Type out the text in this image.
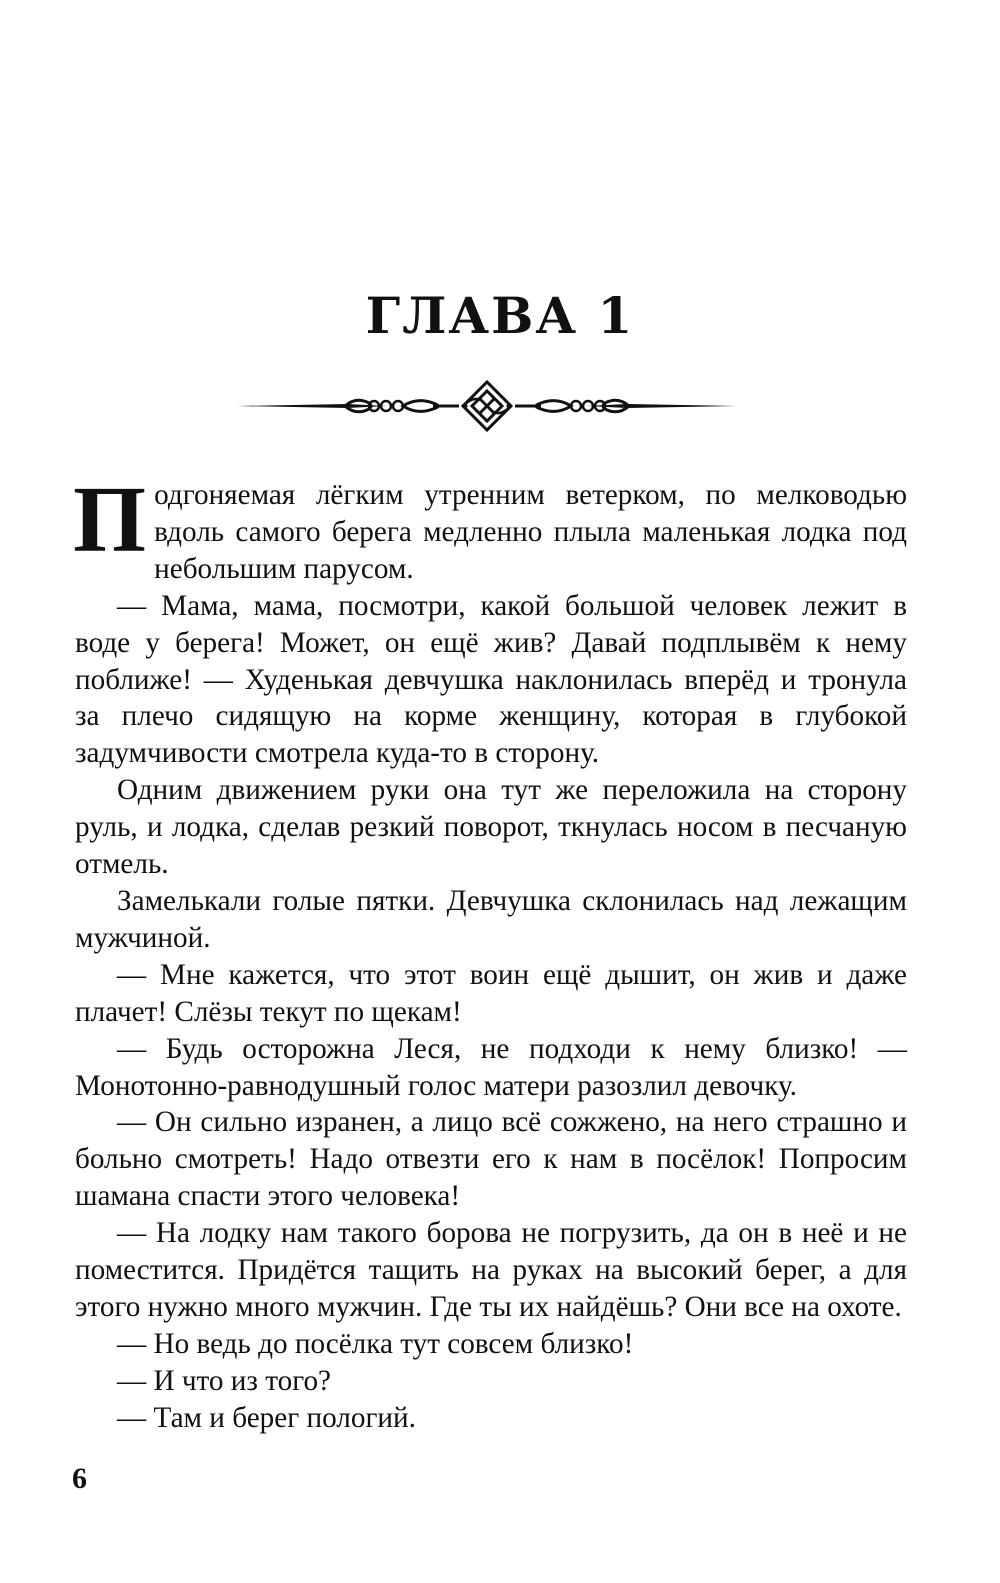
ГЛАВА 1

Подгоняемая лёгким утренним ветерком, по мелководью вдоль самого берега медленно плыла маленькая лодка под небольшим парусом.

— Мама, мама, посмотри, какой большой человек лежит в воде у берега! Может, он ещё жив? Давай подплывём к нему поближе! — Худенькая девчушка наклонилась вперёд и тронула за плечо сидящую на корме женщину, которая в глубокой задумчивости смотрела куда-то в сторону.

Одним движением руки она тут же переложила на сторону руль, и лодка, сделав резкий поворот, ткнулась носом в песчаную отмель.

Замелькали голые пятки. Девчушка склонилась над лежащим мужчиной.

— Мне кажется, что этот воин ещё дышит, он жив и даже плачет! Слёзы текут по щекам!

— Будь осторожна Леся, не подходи к нему близко! — Монотонно-равнодушный голос матери разозлил девочку.

— Он сильно изранен, а лицо всё сожжено, на него страшно и больно смотреть! Надо отвезти его к нам в посёлок! Попросим шамана спасти этого человека!

— На лодку нам такого борова не погрузить, да он в неё и не поместится. Придётся тащить на руках на высокий берег, а для этого нужно много мужчин. Где ты их найдёшь? Они все на охоте.

— Но ведь до посёлка тут совсем близко!

— И что из того?

— Там и берег пологий.

6
